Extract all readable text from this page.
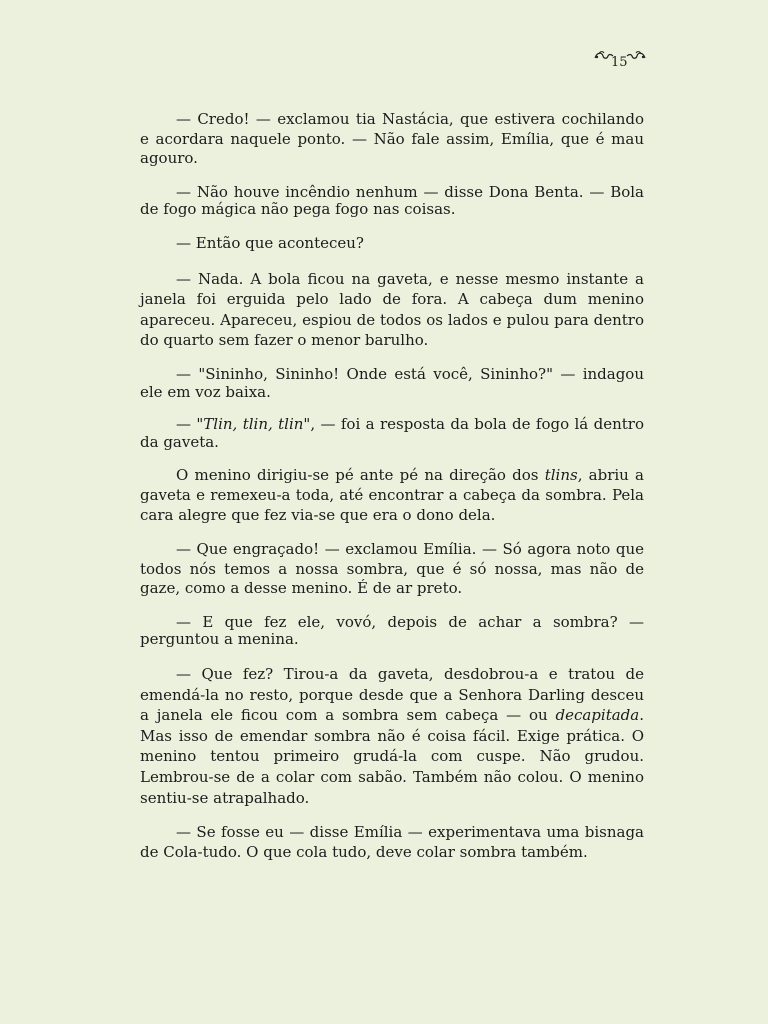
15

— Credo! — exclamou tia Nastácia, que estivera cochilando e acordara naquele ponto. — Não fale assim, Emília, que é mau agouro.

— Não houve incêndio nenhum — disse Dona Benta. — Bola de fogo mágica não pega fogo nas coisas.

— Então que aconteceu?

— Nada. A bola ficou na gaveta, e nesse mesmo instante a janela foi erguida pelo lado de fora. A cabeça dum menino apareceu. Apareceu, espiou de todos os lados e pulou para dentro do quarto sem fazer o menor barulho.

— "Sininho, Sininho! Onde está você, Sininho?" — indagou ele em voz baixa.

— "Tlin, tlin, tlin", — foi a resposta da bola de fogo lá dentro da gaveta.

O menino dirigiu-se pé ante pé na direção dos tlins, abriu a gaveta e remexeu-a toda, até encontrar a cabeça da sombra. Pela cara alegre que fez via-se que era o dono dela.

— Que engraçado! — exclamou Emília. — Só agora noto que todos nós temos a nossa sombra, que é só nossa, mas não de gaze, como a desse menino. É de ar preto.

— E que fez ele, vovó, depois de achar a sombra? — perguntou a menina.

— Que fez? Tirou-a da gaveta, desdobrou-a e tratou de emendá-la no resto, porque desde que a Senhora Darling desceu a janela ele ficou com a sombra sem cabeça — ou decapitada. Mas isso de emendar sombra não é coisa fácil. Exige prática. O menino tentou primeiro grudá-la com cuspe. Não grudou. Lembrou-se de a colar com sabão. Também não colou. O menino sentiu-se atrapalhado.

— Se fosse eu — disse Emília — experimentava uma bisnaga de Cola-tudo. O que cola tudo, deve colar sombra também.
